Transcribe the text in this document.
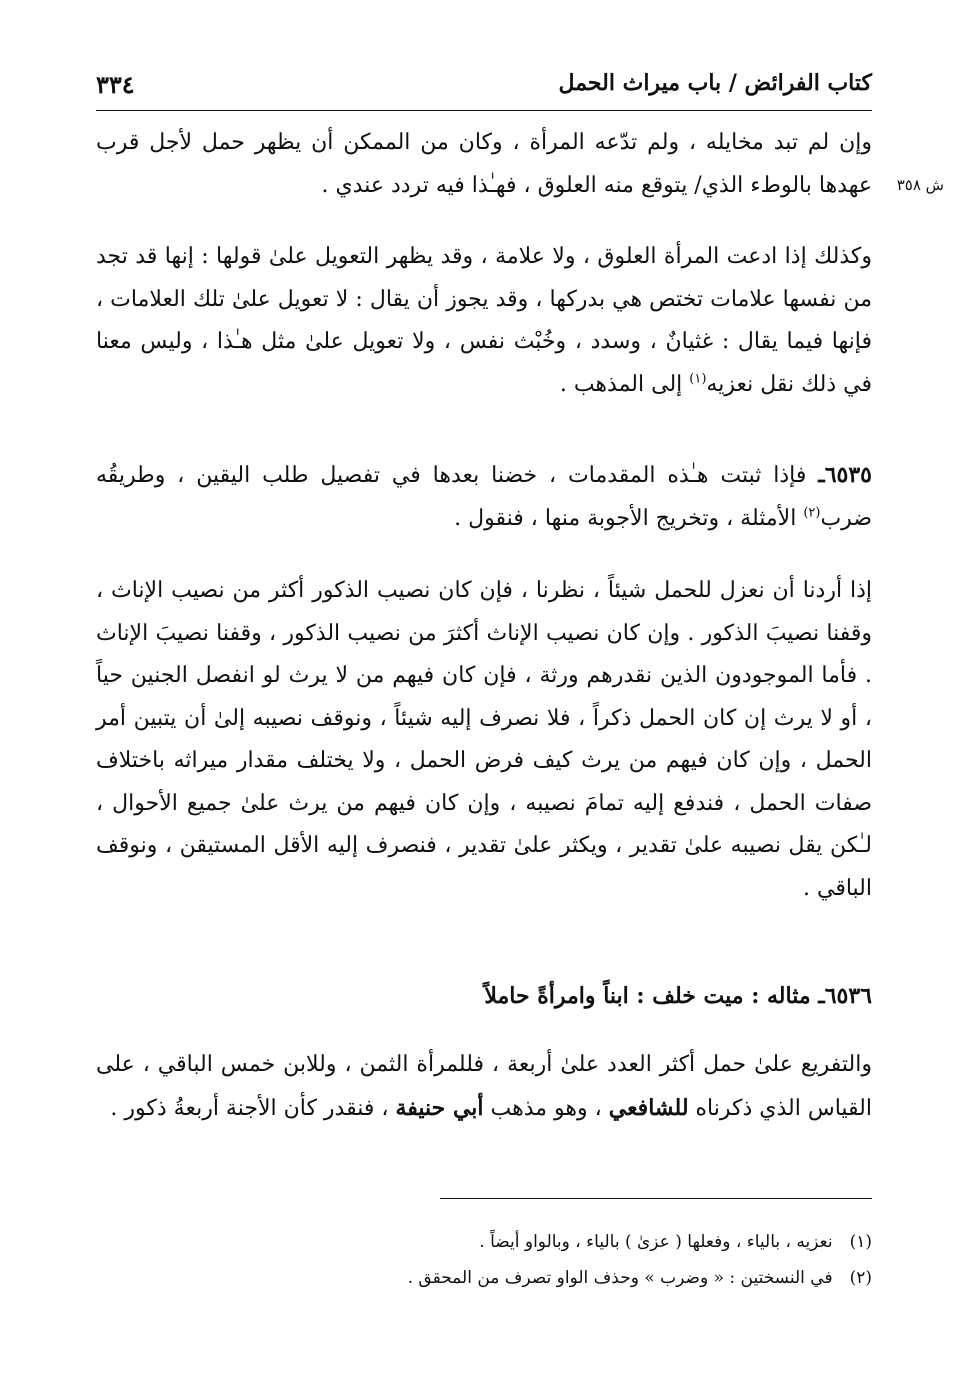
٣٣٤	كتاب الفرائض / باب ميراث الحمل
ش ٣٥٨

وإن لم تبد مخايله ، ولم تدّعه المرأة ، وكان من الممكن أن يظهر حمل لأجل قرب عهدها بالوطء الذي/ يتوقع منه العلوق ، فهـٰذا فيه تردد عندي .

وكذلك إذا ادعت المرأة العلوق ، ولا علامة ، وقد يظهر التعويل علىٰ قولها : إنها قد تجد من نفسها علامات تختص هي بدركها ، وقد يجوز أن يقال : لا تعويل علىٰ تلك العلامات ، فإنها فيما يقال : غثيانٌ ، وسدد ، وخُبْث نفس ، ولا تعويل علىٰ مثل هـٰذا ، وليس معنا في ذلك نقل نعزيه$^{(١)}$ إلى المذهب .

٦٥٣٥ـ فإذا ثبتت هـٰذه المقدمات ، خضنا بعدها في تفصيل طلب اليقين ، وطريقُه ضرب$^{(٢)}$ الأمثلة ، وتخريج الأجوبة منها ، فنقول .

إذا أردنا أن نعزل للحمل شيئاً ، نظرنا ، فإن كان نصيب الذكور أكثر من نصيب الإناث ، وقفنا نصيبَ الذكور . وإن كان نصيب الإناث أكثرَ من نصيب الذكور ، وقفنا نصيبَ الإناث . فأما الموجودون الذين نقدرهم ورثة ، فإن كان فيهم من لا يرث لو انفصل الجنين حياً ، أو لا يرث إن كان الحمل ذكراً ، فلا نصرف إليه شيئاً ، ونوقف نصيبه إلىٰ أن يتبين أمر الحمل ، وإن كان فيهم من يرث كيف فرض الحمل ، ولا يختلف مقدار ميراثه باختلاف صفات الحمل ، فندفع إليه تمامَ نصيبه ، وإن كان فيهم من يرث علىٰ جميع الأحوال ، لـٰكن يقل نصيبه علىٰ تقدير ، ويكثر علىٰ تقدير ، فنصرف إليه الأقل المستيقن ، ونوقف الباقي .

٦٥٣٦ـ مثاله : ميت خلف : ابناً وامرأةً حاملاً

والتفريع علىٰ حمل أكثر العدد علىٰ أربعة ، فللمرأة الثمن ، وللابن خمس الباقي ، على القياس الذي ذكرناه للشافعي ، وهو مذهب أبي حنيفة ، فنقدر كأن الأجنة أربعةُ ذكور .

(١) نعزيه ، بالياء ، وفعلها ( عزىٰ ) بالياء ، وبالواو أيضاً .
(٢) في النسختين : « وضرب » وحذف الواو تصرف من المحقق .
